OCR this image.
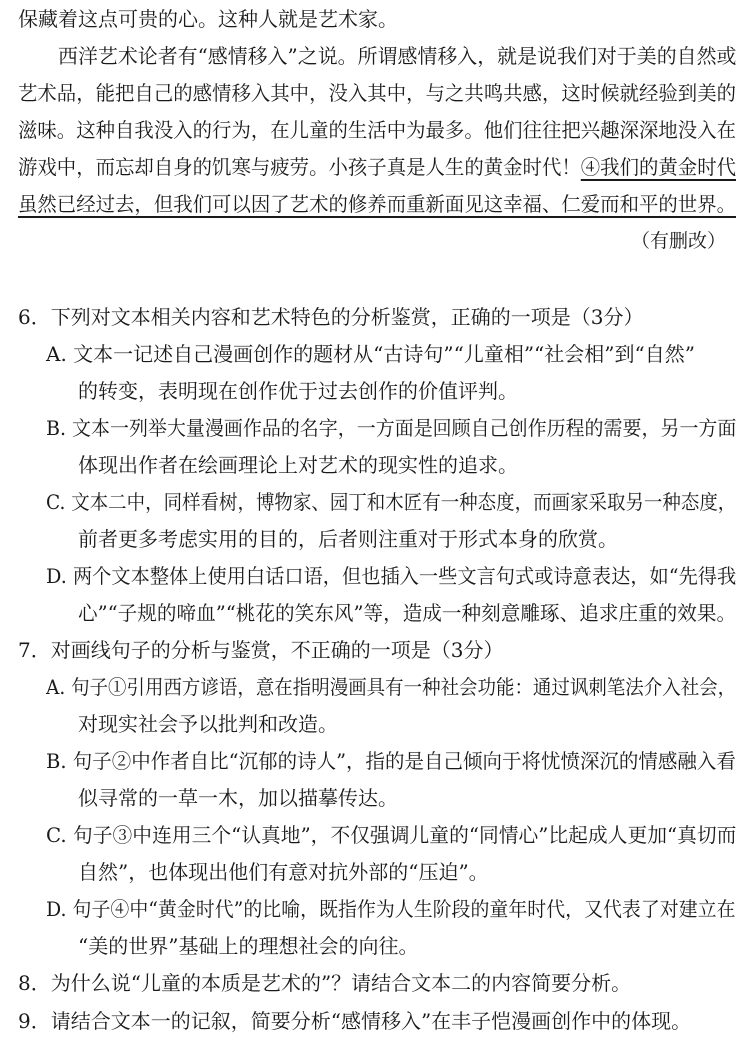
保藏着这点可贵的心。这种人就是艺术家。
西洋艺术论者有“感情移入”之说。所谓感情移入，就是说我们对于美的自然或
艺术品，能把自己的感情移入其中，没入其中，与之共鸣共感，这时候就经验到美的
滋味。这种自我没入的行为，在儿童的生活中为最多。他们往往把兴趣深深地没入在
游戏中，而忘却自身的饥寒与疲劳。小孩子真是人生的黄金时代！④我们的黄金时代
虽然已经过去，但我们可以因了艺术的修养而重新面见这幸福、仁爱而和平的世界。
（有删改）
6．下列对文本相关内容和艺术特色的分析鉴赏，正确的一项是（3分）
A. 文本一记述自己漫画创作的题材从“古诗句”“儿童相”“社会相”到“自然”
的转变，表明现在创作优于过去创作的价值评判。
B. 文本一列举大量漫画作品的名字，一方面是回顾自己创作历程的需要，另一方面
体现出作者在绘画理论上对艺术的现实性的追求。
C. 文本二中，同样看树，博物家、园丁和木匠有一种态度，而画家采取另一种态度，
前者更多考虑实用的目的，后者则注重对于形式本身的欣赏。
D. 两个文本整体上使用白话口语，但也插入一些文言句式或诗意表达，如“先得我
心”“子规的啼血”“桃花的笑东风”等，造成一种刻意雕琢、追求庄重的效果。
7．对画线句子的分析与鉴赏，不正确的一项是（3分）
A. 句子①引用西方谚语，意在指明漫画具有一种社会功能：通过讽刺笔法介入社会，
对现实社会予以批判和改造。
B. 句子②中作者自比“沉郁的诗人”，指的是自己倾向于将忧愤深沉的情感融入看
似寻常的一草一木，加以描摹传达。
C. 句子③中连用三个“认真地”，不仅强调儿童的“同情心”比起成人更加“真切而
自然”，也体现出他们有意对抗外部的“压迫”。
D. 句子④中“黄金时代”的比喻，既指作为人生阶段的童年时代，又代表了对建立在
“美的世界”基础上的理想社会的向往。
8．为什么说“儿童的本质是艺术的”？请结合文本二的内容简要分析。
9．请结合文本一的记叙，简要分析“感情移入”在丰子恺漫画创作中的体现。
